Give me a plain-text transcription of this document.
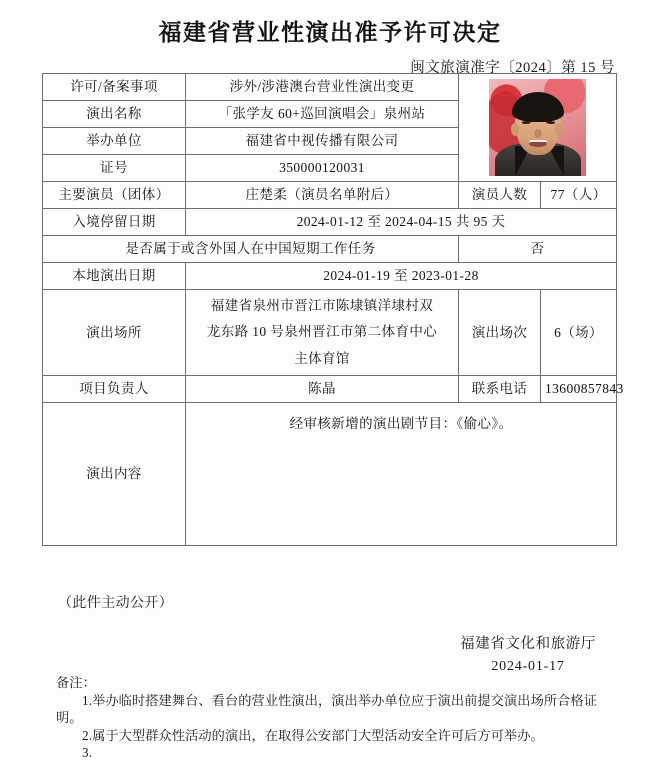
福建省营业性演出准予许可决定
闽文旅演准字〔2024〕第 15 号
许可/备案事项	涉外/涉港澳台营业性演出变更		

演出名称	「张学友 60+巡回演唱会」泉州站		
举办单位	福建省中视传播有限公司		
证号	350000120031		
主要演员（团体）	庄楚柔（演员名单附后）	演员人数	77（人）
入境停留日期	2024-01-12 至 2024-04-15 共 95 天		
是否属于或含外国人在中国短期工作任务		否	
本地演出日期	2024-01-19 至 2023-01-28		
演出场所	福建省泉州市晋江市陈埭镇洋埭村双
龙东路 10 号泉州晋江市第二体育中心
主体育馆	演出场次	6（场）
项目负责人	陈晶	联系电话	13600857843
演出内容	经审核新增的演出剧节目：《偷心》。		
（此件主动公开）
福建省文化和旅游厅
2024-01-17
备注：
1.举办临时搭建舞台、看台的营业性演出，演出举办单位应于演出前提交演出场所合格证明。
2.属于大型群众性活动的演出，在取得公安部门大型活动安全许可后方可举办。
3.
